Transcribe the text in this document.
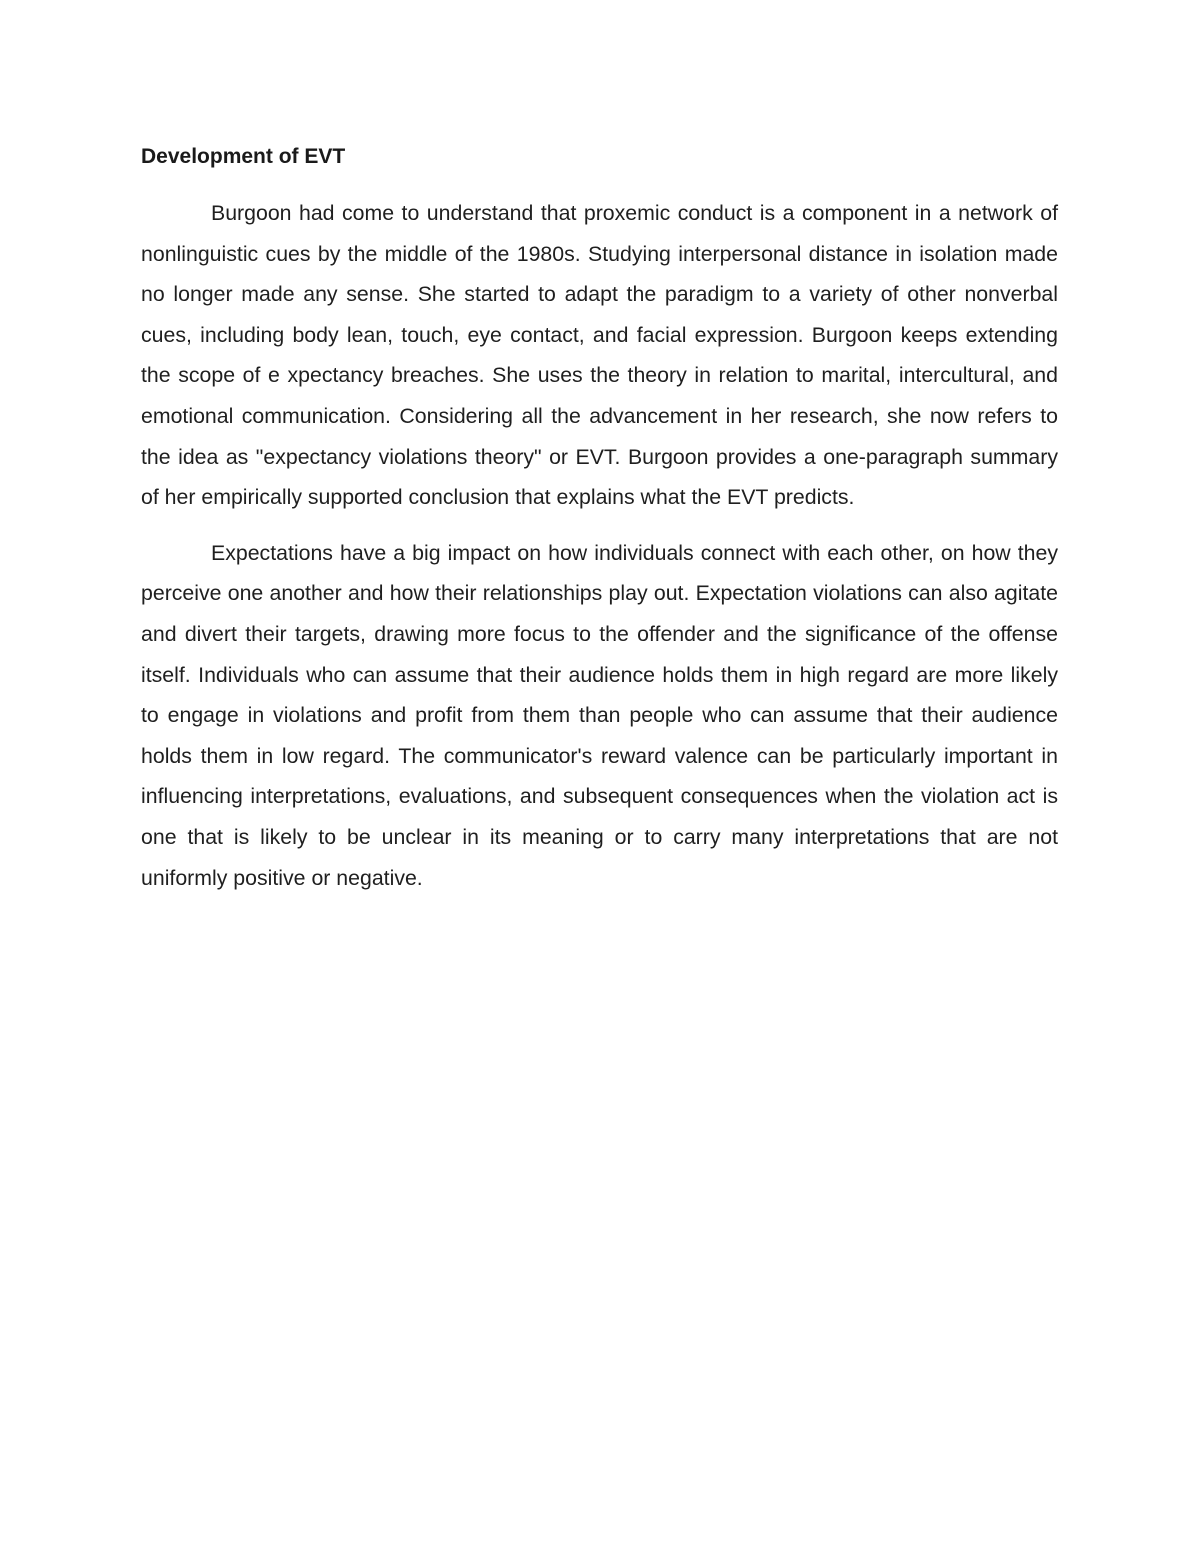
Development of EVT

Burgoon had come to understand that proxemic conduct is a component in a network of nonlinguistic cues by the middle of the 1980s. Studying interpersonal distance in isolation made no longer made any sense. She started to adapt the paradigm to a variety of other nonverbal cues, including body lean, touch, eye contact, and facial expression. Burgoon keeps extending the scope of e xpectancy breaches. She uses the theory in relation to marital, intercultural, and emotional communication. Considering all the advancement in her research, she now refers to the idea as "expectancy violations theory" or EVT. Burgoon provides a one-paragraph summary of her empirically supported conclusion that explains what the EVT predicts.

Expectations have a big impact on how individuals connect with each other, on how they perceive one another and how their relationships play out. Expectation violations can also agitate and divert their targets, drawing more focus to the offender and the significance of the offense itself. Individuals who can assume that their audience holds them in high regard are more likely to engage in violations and profit from them than people who can assume that their audience holds them in low regard. The communicator's reward valence can be particularly important in influencing interpretations, evaluations, and subsequent consequences when the violation act is one that is likely to be unclear in its meaning or to carry many interpretations that are not uniformly positive or negative.
